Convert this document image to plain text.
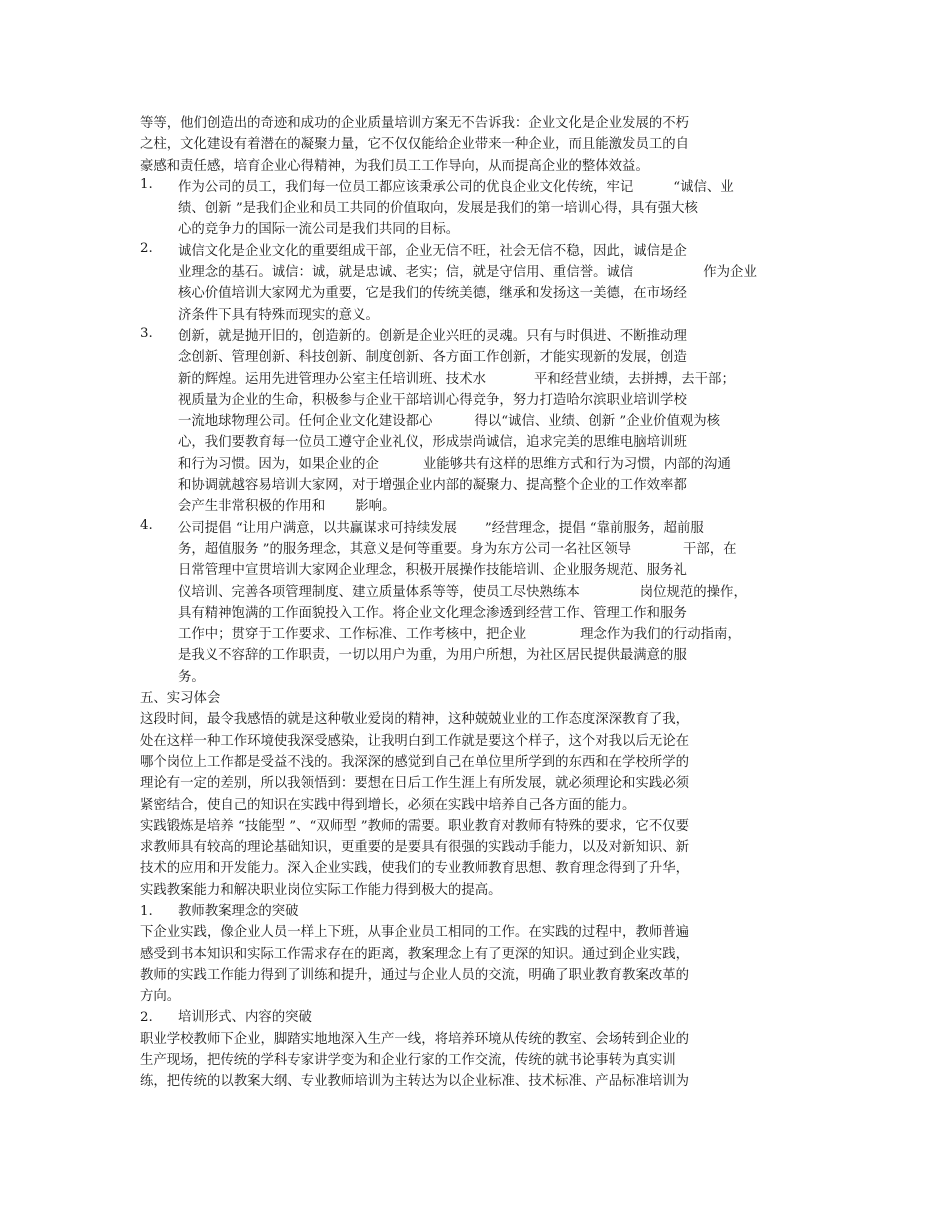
等等，他们创造出的奇迹和成功的企业质量培训方案无不告诉我：企业文化是企业发展的不朽
之柱，文化建设有着潜在的凝聚力量，它不仅仅能给企业带来一种企业，而且能激发员工的自
豪感和责任感，培育企业心得精神，为我们员工工作导向，从而提高企业的整体效益。
1.	作为公司的员工，我们每一位员工都应该秉承公司的优良企业文化传统，牢记	“诚信、业
绩、创新 ”是我们企业和员工共同的价值取向，发展是我们的第一培训心得，具有强大核
心的竞争力的国际一流公司是我们共同的目标。
2.	诚信文化是企业文化的重要组成干部，企业无信不旺，社会无信不稳，因此，诚信是企
业理念的基石。诚信：诚，就是忠诚、老实；信，就是守信用、重信誉。诚信	作为企业
核心价值培训大家网尤为重要，它是我们的传统美德，继承和发扬这一美德，在市场经
济条件下具有特殊而现实的意义。
3.	创新，就是抛开旧的，创造新的。创新是企业兴旺的灵魂。只有与时俱进、不断推动理
念创新、管理创新、科技创新、制度创新、各方面工作创新，才能实现新的发展，创造
新的辉煌。运用先进管理办公室主任培训班、技术水	平和经营业绩，去拼搏，去干部；
视质量为企业的生命，积极参与企业干部培训心得竞争，努力打造哈尔滨职业培训学校
一流地球物理公司。任何企业文化建设都心	得以“诚信、业绩、创新 ”企业价值观为核
心，我们要教育每一位员工遵守企业礼仪，形成崇尚诚信，追求完美的思维电脑培训班
和行为习惯。因为，如果企业的企	业能够共有这样的思维方式和行为习惯，内部的沟通
和协调就越容易培训大家网，对于增强企业内部的凝聚力、提高整个企业的工作效率都
会产生非常积极的作用和 影响。
4.	公司提倡 “让用户满意，以共赢谋求可持续发展 ”经营理念，提倡 “靠前服务，超前服
务，超值服务 ”的服务理念，其意义是何等重要。身为东方公司一名社区领导	干部，在
日常管理中宣贯培训大家网企业理念，积极开展操作技能培训、企业服务规范、服务礼
仪培训、完善各项管理制度、建立质量体系等等，使员工尽快熟练本	岗位规范的操作，
具有精神饱满的工作面貌投入工作。将企业文化理念渗透到经营工作、管理工作和服务
工作中；贯穿于工作要求、工作标准、工作考核中，把企业	理念作为我们的行动指南，
是我义不容辞的工作职责，一切以用户为重，为用户所想，为社区居民提供最满意的服
务。
五、实习体会
这段时间，最令我感悟的就是这种敬业爱岗的精神，这种兢兢业业的工作态度深深教育了我，
处在这样一种工作环境使我深受感染，让我明白到工作就是要这个样子，这个对我以后无论在
哪个岗位上工作都是受益不浅的。我深深的感觉到自己在单位里所学到的东西和在学校所学的
理论有一定的差别，所以我领悟到：要想在日后工作生涯上有所发展，就必须理论和实践必须
紧密结合，使自己的知识在实践中得到增长，必须在实践中培养自己各方面的能力。
实践锻炼是培养 “技能型 ”、“双师型 ”教师的需要。职业教育对教师有特殊的要求，它不仅要
求教师具有较高的理论基础知识，更重要的是要具有很强的实践动手能力，以及对新知识、新
技术的应用和开发能力。深入企业实践，使我们的专业教师教育思想、教育理念得到了升华，
实践教案能力和解决职业岗位实际工作能力得到极大的提高。
1.	教师教案理念的突破
下企业实践，像企业人员一样上下班，从事企业员工相同的工作。在实践的过程中，教师普遍
感受到书本知识和实际工作需求存在的距离，教案理念上有了更深的知识。通过到企业实践，
教师的实践工作能力得到了训练和提升，通过与企业人员的交流，明确了职业教育教案改革的
方向。
2.	培训形式、内容的突破
职业学校教师下企业，脚踏实地地深入生产一线，将培养环境从传统的教室、会场转到企业的
生产现场，把传统的学科专家讲学变为和企业行家的工作交流，传统的就书论事转为真实训
练，把传统的以教案大纲、专业教师培训为主转达为以企业标准、技术标准、产品标准培训为
